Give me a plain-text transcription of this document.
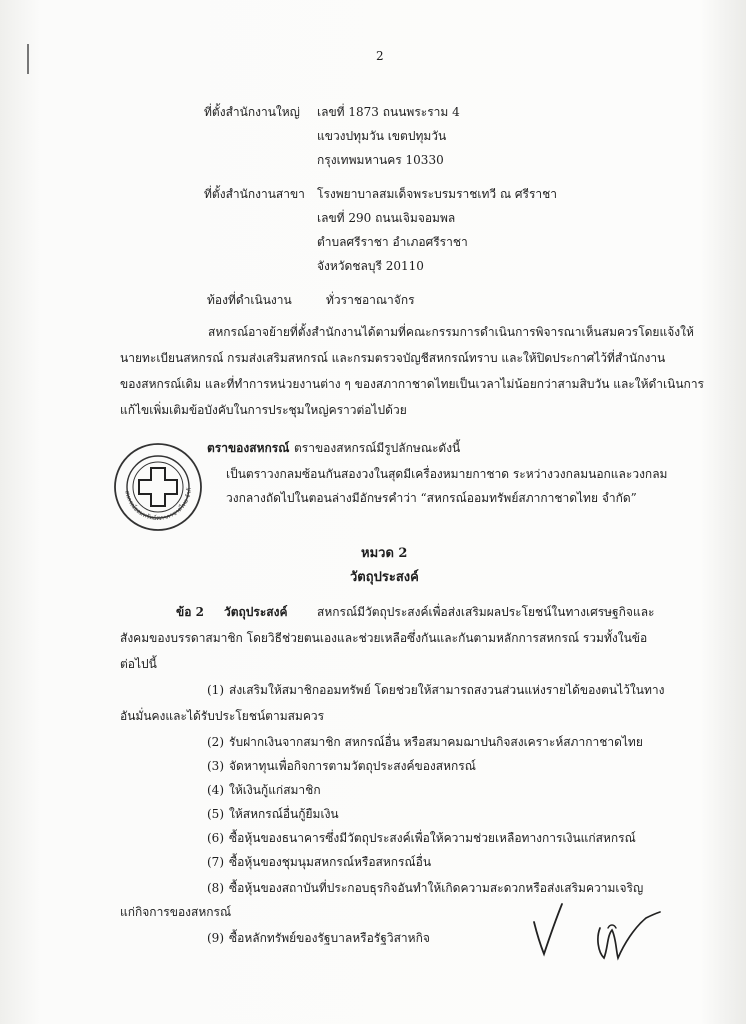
2
ที่ตั้งสำนักงานใหญ่ เลขที่ 1873 ถนนพระราม 4
แขวงปทุมวัน เขตปทุมวัน
กรุงเทพมหานคร 10330
ที่ตั้งสำนักงานสาขา โรงพยาบาลสมเด็จพระบรมราชเทวี ณ ศรีราชา
เลขที่ 290 ถนนเจิมจอมพล
ตำบลศรีราชา อำเภอศรีราชา
จังหวัดชลบุรี 20110
ท้องที่ดำเนินงาน	ทั่วราชอาณาจักร
สหกรณ์อาจย้ายที่ตั้งสำนักงานได้ตามที่คณะกรรมการดำเนินการพิจารณาเห็นสมควรโดยแจ้งให้
นายทะเบียนสหกรณ์ กรมส่งเสริมสหกรณ์ และกรมตรวจบัญชีสหกรณ์ทราบ และให้ปิดประกาศไว้ที่สำนักงาน
ของสหกรณ์เดิม และที่ทำการหน่วยงานต่าง ๆ ของสภากาชาดไทยเป็นเวลาไม่น้อยกว่าสามสิบวัน และให้ดำเนินการ
แก้ไขเพิ่มเติมข้อบังคับในการประชุมใหญ่คราวต่อไปด้วย
สหกรณ์ออมทรัพย์สภากาชาดไทย จำกั
ตราของสหกรณ์ ตราของสหกรณ์มีรูปลักษณะดังนี้
เป็นตราวงกลมซ้อนกันสองวงในสุดมีเครื่องหมายกาชาด ระหว่างวงกลมนอกและวงกลม
วงกลางถัดไปในตอนล่างมีอักษรคำว่า “สหกรณ์ออมทรัพย์สภากาชาดไทย จำกัด”
หมวด 2
วัตถุประสงค์
ข้อ 2 วัตถุประสงค์ สหกรณ์มีวัตถุประสงค์เพื่อส่งเสริมผลประโยชน์ในทางเศรษฐกิจและ
สังคมของบรรดาสมาชิก โดยวิธีช่วยตนเองและช่วยเหลือซึ่งกันและกันตามหลักการสหกรณ์ รวมทั้งในข้อ
ต่อไปนี้
(1) ส่งเสริมให้สมาชิกออมทรัพย์ โดยช่วยให้สามารถสงวนส่วนแห่งรายได้ของตนไว้ในทาง
อันมั่นคงและได้รับประโยชน์ตามสมควร
(2) รับฝากเงินจากสมาชิก สหกรณ์อื่น หรือสมาคมฌาปนกิจสงเคราะห์สภากาชาดไทย
(3) จัดหาทุนเพื่อกิจการตามวัตถุประสงค์ของสหกรณ์
(4) ให้เงินกู้แก่สมาชิก
(5) ให้สหกรณ์อื่นกู้ยืมเงิน
(6) ซื้อหุ้นของธนาคารซึ่งมีวัตถุประสงค์เพื่อให้ความช่วยเหลือทางการเงินแก่สหกรณ์
(7) ซื้อหุ้นของชุมนุมสหกรณ์หรือสหกรณ์อื่น
(8) ซื้อหุ้นของสถาบันที่ประกอบธุรกิจอันทำให้เกิดความสะดวกหรือส่งเสริมความเจริญ
แก่กิจการของสหกรณ์
(9) ซื้อหลักทรัพย์ของรัฐบาลหรือรัฐวิสาหกิจ
